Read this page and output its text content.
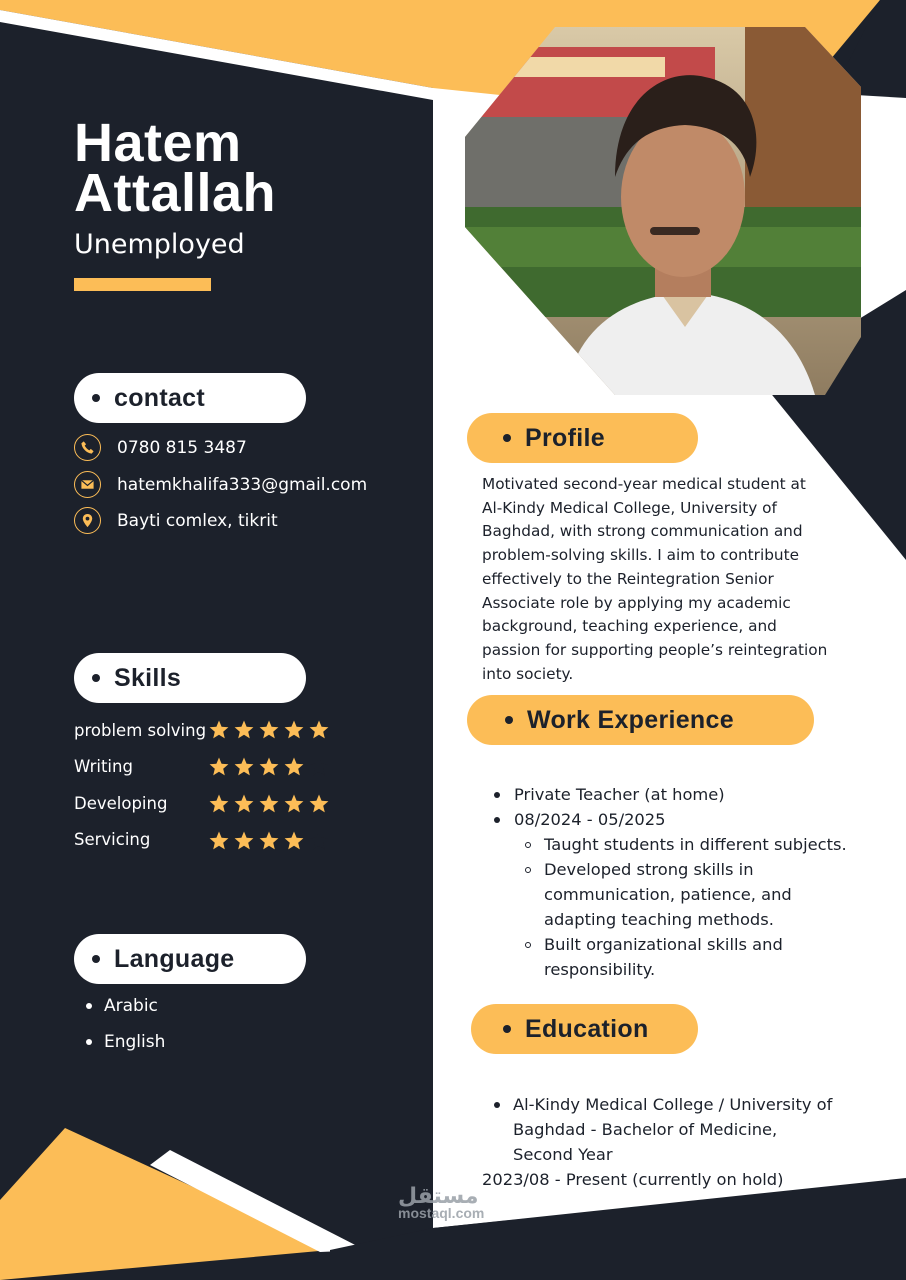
Hatem
Attallah
Unemployed
contact
0780 815 3487
hatemkhalifa333@gmail.com
Bayti comlex, tikrit
Skills
problem solving
Writing
Developing
Servicing
Language
Arabic
English
Profile
Motivated second-year medical student at
Al-Kindy Medical College, University of
Baghdad, with strong communication and
problem-solving skills. I aim to contribute
effectively to the Reintegration Senior
Associate role by applying my academic
background, teaching experience, and
passion for supporting people’s reintegration
into society.
Work Experience
Private Teacher (at home)
08/2024 - 05/2025
Taught students in different subjects.
Developed strong skills in
communication, patience, and
adapting teaching methods.
Built organizational skills and
responsibility.
Education
Al-Kindy Medical College / University of
Baghdad - Bachelor of Medicine,
Second Year
2023/08 - Present (currently on hold)
مستقل
mostaql.com
